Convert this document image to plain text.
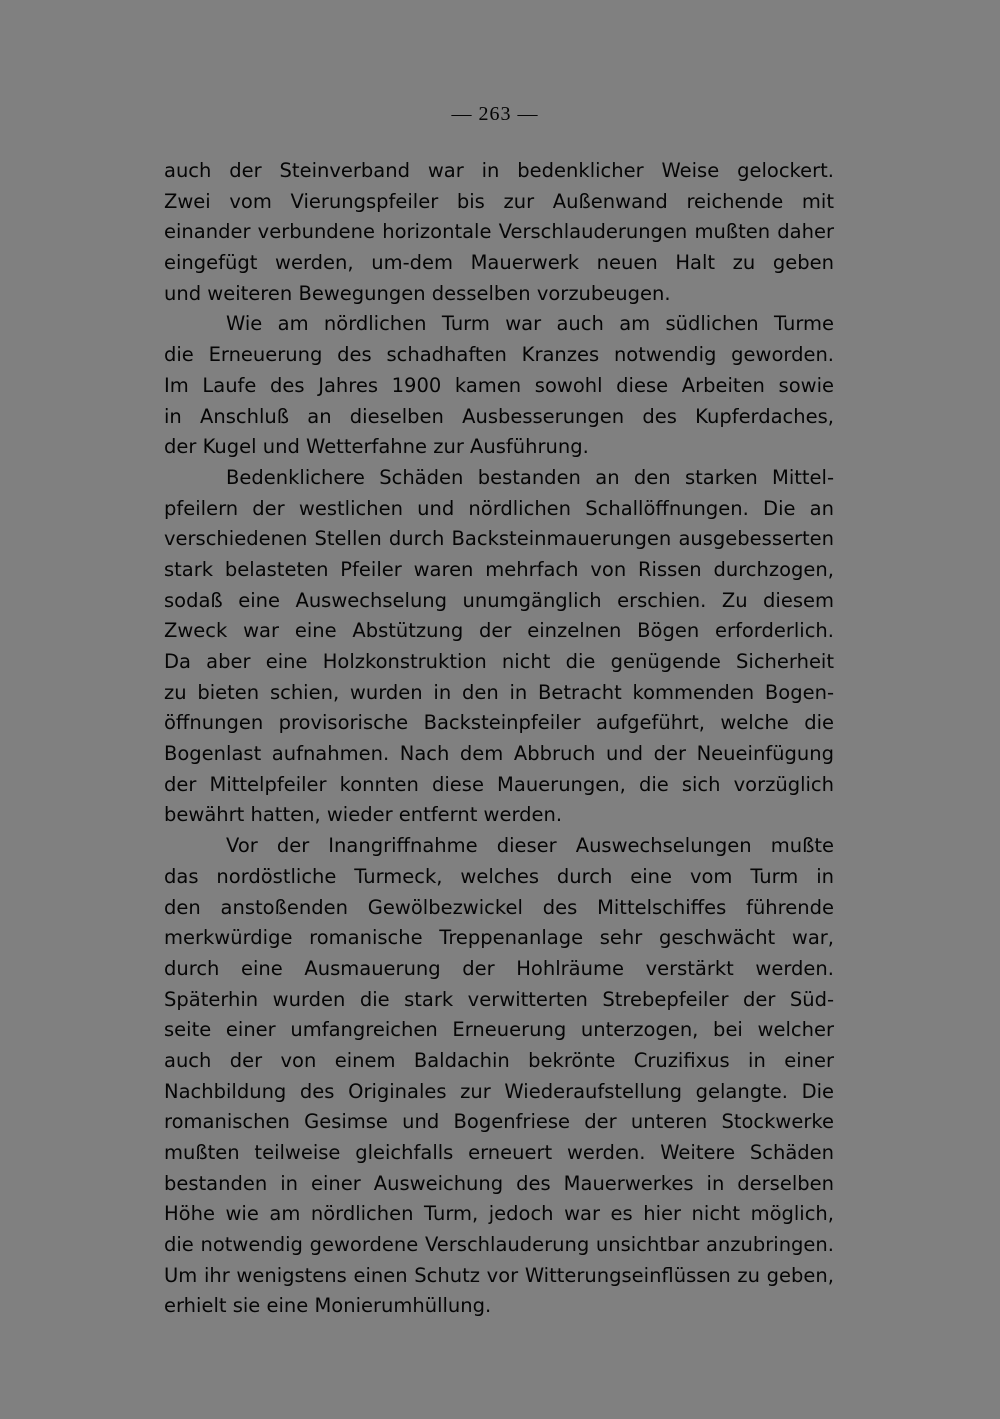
— 263 —
auch der Steinverband war in bedenklicher Weise gelockert.
Zwei vom Vierungspfeiler bis zur Außenwand reichende mit
einander verbundene horizontale Verschlauderungen mußten daher
eingefügt werden, um-dem Mauerwerk neuen Halt zu geben
und weiteren Bewegungen desselben vorzubeugen.
Wie am nördlichen Turm war auch am südlichen Turme
die Erneuerung des schadhaften Kranzes notwendig geworden.
Im Laufe des Jahres 1900 kamen sowohl diese Arbeiten sowie
in Anschluß an dieselben Ausbesserungen des Kupferdaches,
der Kugel und Wetterfahne zur Ausführung.
Bedenklichere Schäden bestanden an den starken Mittel-
pfeilern der westlichen und nördlichen Schallöffnungen. Die an
verschiedenen Stellen durch Backsteinmauerungen ausgebesserten
stark belasteten Pfeiler waren mehrfach von Rissen durchzogen,
sodaß eine Auswechselung unumgänglich erschien. Zu diesem
Zweck war eine Abstützung der einzelnen Bögen erforderlich.
Da aber eine Holzkonstruktion nicht die genügende Sicherheit
zu bieten schien, wurden in den in Betracht kommenden Bogen-
öffnungen provisorische Backsteinpfeiler aufgeführt, welche die
Bogenlast aufnahmen. Nach dem Abbruch und der Neueinfügung
der Mittelpfeiler konnten diese Mauerungen, die sich vorzüglich
bewährt hatten, wieder entfernt werden.
Vor der Inangriffnahme dieser Auswechselungen mußte
das nordöstliche Turmeck, welches durch eine vom Turm in
den anstoßenden Gewölbezwickel des Mittelschiffes führende
merkwürdige romanische Treppenanlage sehr geschwächt war,
durch eine Ausmauerung der Hohlräume verstärkt werden.
Späterhin wurden die stark verwitterten Strebepfeiler der Süd-
seite einer umfangreichen Erneuerung unterzogen, bei welcher
auch der von einem Baldachin bekrönte Cruzifixus in einer
Nachbildung des Originales zur Wiederaufstellung gelangte. Die
romanischen Gesimse und Bogenfriese der unteren Stockwerke
mußten teilweise gleichfalls erneuert werden. Weitere Schäden
bestanden in einer Ausweichung des Mauerwerkes in derselben
Höhe wie am nördlichen Turm, jedoch war es hier nicht möglich,
die notwendig gewordene Verschlauderung unsichtbar anzubringen.
Um ihr wenigstens einen Schutz vor Witterungseinflüssen zu geben,
erhielt sie eine Monierumhüllung.
